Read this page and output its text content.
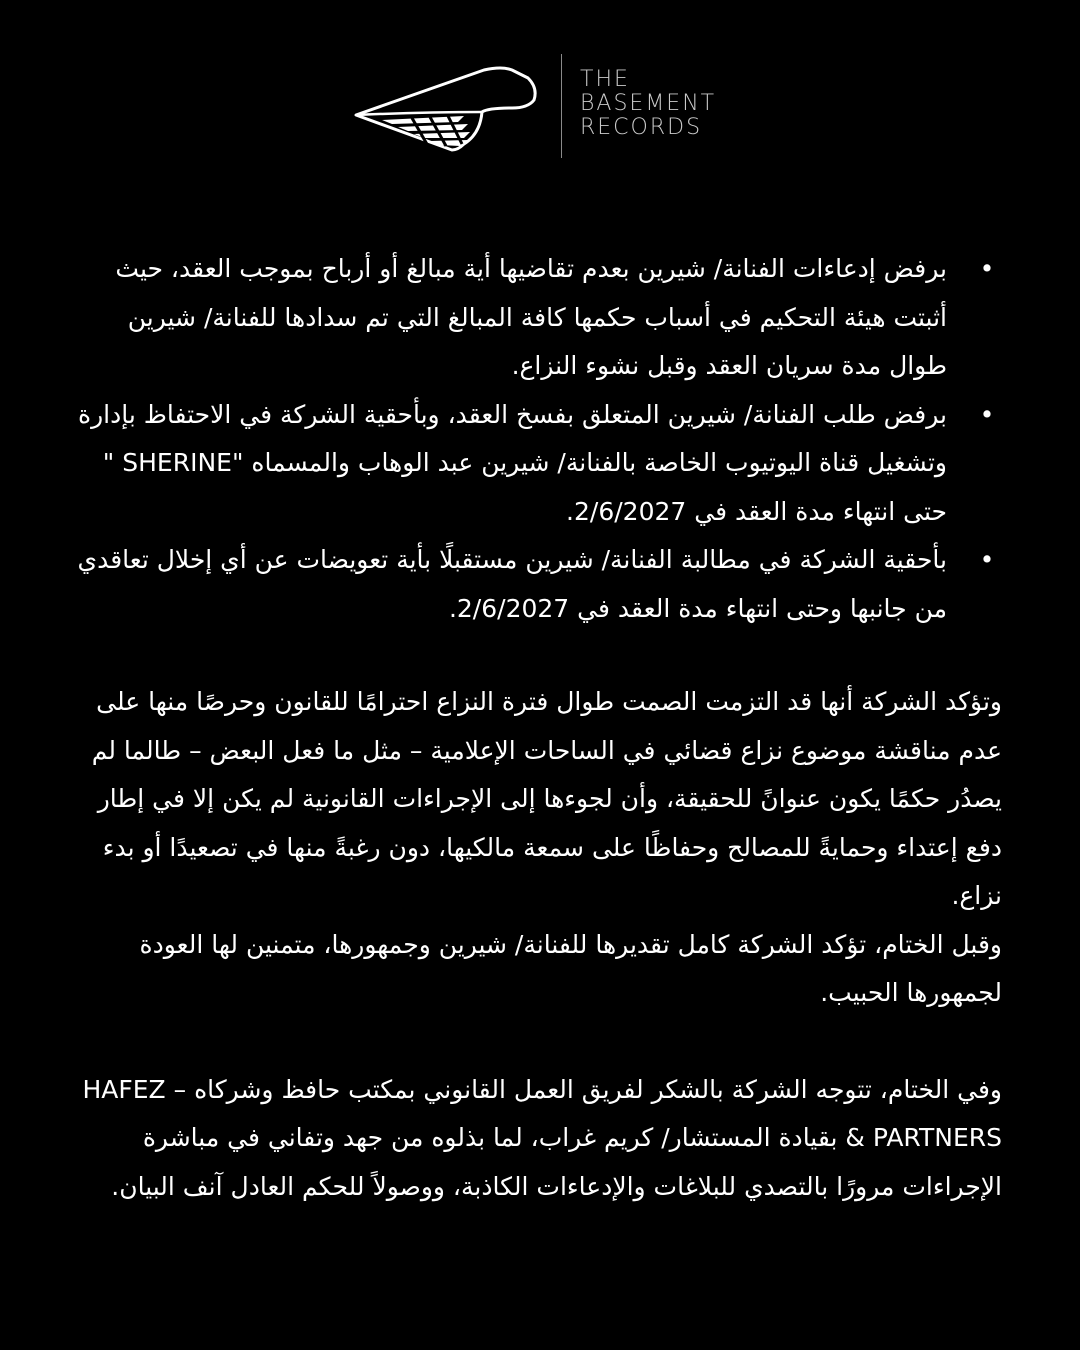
THE
BASEMENT
RECORDS
•
برفض إدعاءات الفنانة/ شيرين بعدم تقاضيها أية مبالغ أو أرباح بموجب العقد، حيث أثبتت هيئة التحكيم في أسباب حكمها كافة المبالغ التي تم سدادها للفنانة/ شيرين طوال مدة سريان العقد وقبل نشوء النزاع.
•
برفض طلب الفنانة/ شيرين المتعلق بفسخ العقد، وبأحقية الشركة في الاحتفاظ بإدارة وتشغيل قناة اليوتيوب الخاصة بالفنانة/ شيرين عبد الوهاب والمسماه "SHERINE " حتى انتهاء مدة العقد في 2/6/2027.
•
بأحقية الشركة في مطالبة الفنانة/ شيرين مستقبلًا بأية تعويضات عن أي إخلال تعاقدي من جانبها وحتى انتهاء مدة العقد في 2/6/2027.

وتؤكد الشركة أنها قد التزمت الصمت طوال فترة النزاع احترامًا للقانون وحرصًا منها على عدم مناقشة موضوع نزاع قضائي في الساحات الإعلامية – مثل ما فعل البعض – طالما لم يصدُر حكمًا يكون عنوانً للحقيقة، وأن لجوءها إلى الإجراءات القانونية لم يكن إلا في إطار دفع إعتداء وحمايةً للمصالح وحفاظًا على سمعة مالكيها، دون رغبةً منها في تصعيدًا أو بدء نزاع.

وقبل الختام، تؤكد الشركة كامل تقديرها للفنانة/ شيرين وجمهورها، متمنين لها العودة لجمهورها الحبيب.

وفي الختام، تتوجه الشركة بالشكر لفريق العمل القانوني بمكتب حافظ وشركاه – HAFEZ & PARTNERS بقيادة المستشار/ كريم غراب، لما بذلوه من جهد وتفاني في مباشرة الإجراءات مرورًا بالتصدي للبلاغات والإدعاءات الكاذبة، ووصولاً للحكم العادل آنف البيان.
